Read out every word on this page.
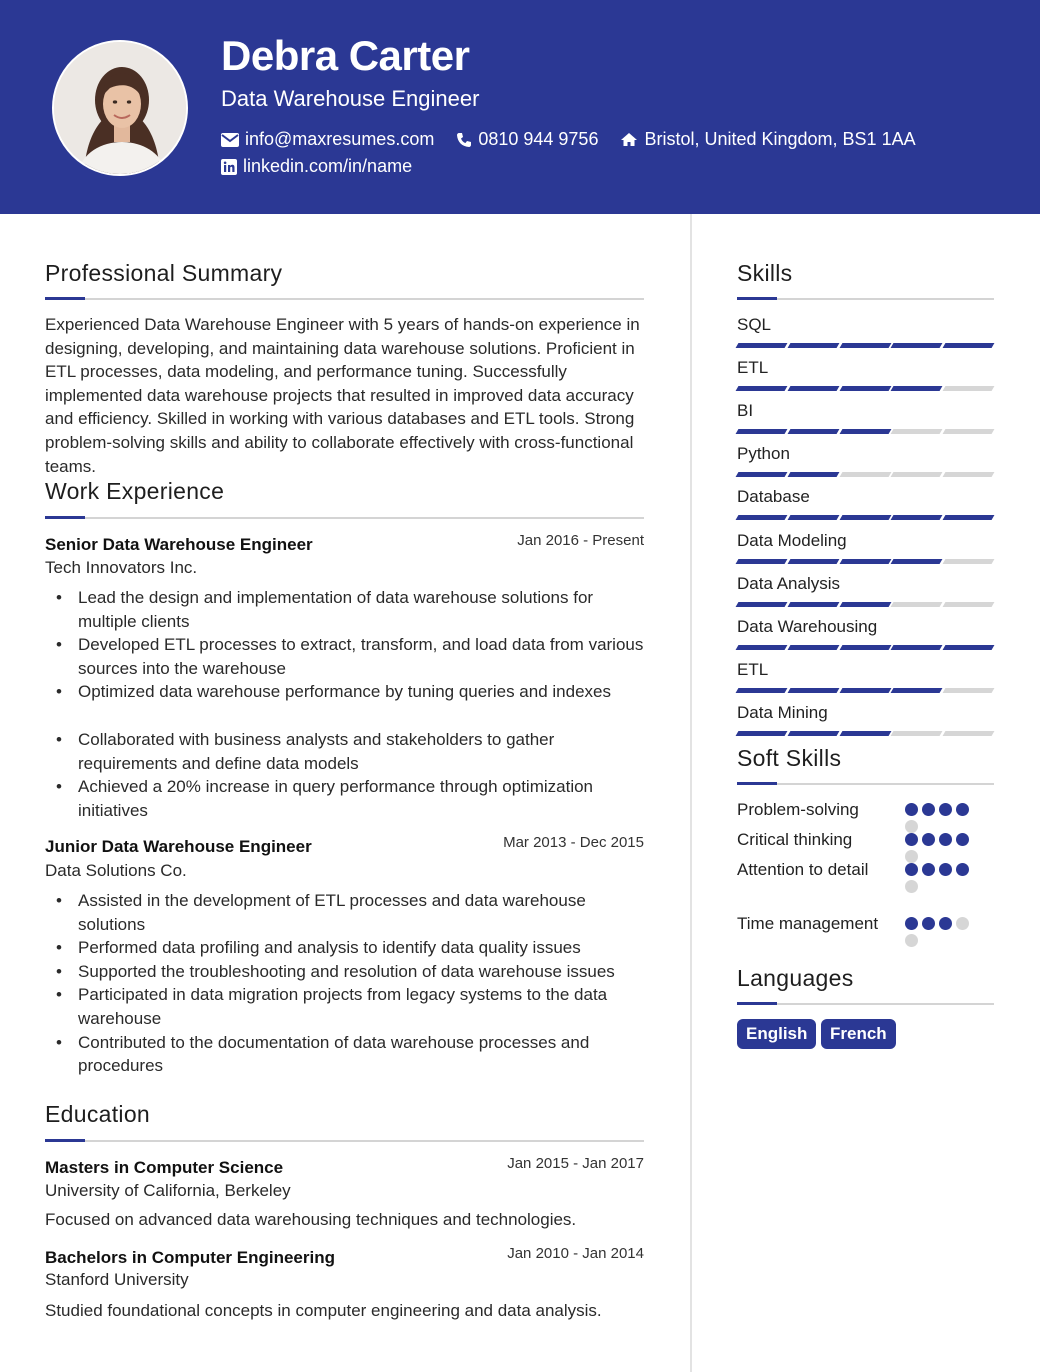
Debra Carter
Data Warehouse Engineer
info@maxresumes.com 0810 944 9756	Bristol, United Kingdom, BS1 1AA
linkedin.com/in/name
Professional Summary
Experienced Data Warehouse Engineer with 5 years of hands-on experience in designing, developing, and maintaining data warehouse solutions. Proficient in ETL processes, data modeling, and performance tuning. Successfully implemented data warehouse projects that resulted in improved data accuracy and efficiency. Skilled in working with various databases and ETL tools. Strong problem-solving skills and ability to collaborate effectively with cross-functional teams.
Work Experience
Senior Data Warehouse Engineer	Jan 2016 - Present
Tech Innovators Inc.
• Lead the design and implementation of data warehouse solutions for multiple clients
• Developed ETL processes to extract, transform, and load data from various sources into the warehouse
• Optimized data warehouse performance by tuning queries and indexes
• Collaborated with business analysts and stakeholders to gather requirements and define data models
• Achieved a 20% increase in query performance through optimization initiatives
Junior Data Warehouse Engineer	Mar 2013 - Dec 2015
Data Solutions Co.
• Assisted in the development of ETL processes and data warehouse solutions
• Performed data profiling and analysis to identify data quality issues
• Supported the troubleshooting and resolution of data warehouse issues
• Participated in data migration projects from legacy systems to the data warehouse
• Contributed to the documentation of data warehouse processes and procedures
Education
Masters in Computer Science	Jan 2015 - Jan 2017
University of California, Berkeley
Focused on advanced data warehousing techniques and technologies.
Bachelors in Computer Engineering	Jan 2010 - Jan 2014
Stanford University
Studied foundational concepts in computer engineering and data analysis.
Skills
SQL
ETL
BI
Python
Database
Data Modeling
Data Analysis
Data Warehousing
ETL
Data Mining
Soft Skills
Problem-solving
Critical thinking
Attention to detail
Time management
Languages
English	French
